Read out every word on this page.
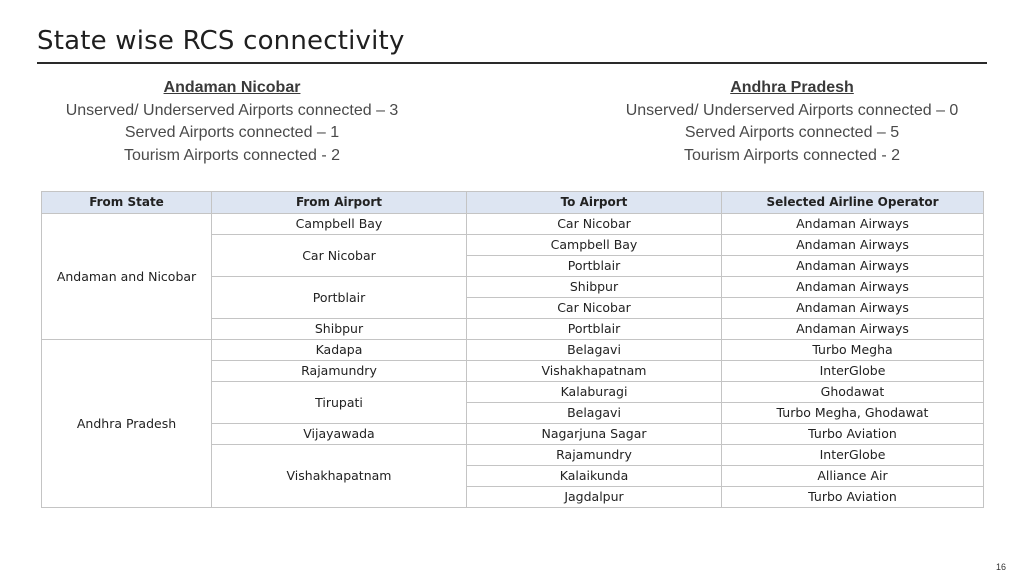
State wise RCS connectivity
Andaman Nicobar
Unserved/ Underserved Airports connected – 3
Served Airports connected – 1
Tourism Airports connected - 2
Andhra Pradesh
Unserved/ Underserved Airports connected – 0
Served Airports connected – 5
Tourism Airports connected - 2
From State	From Airport	To Airport	Selected Airline Operator
Andaman and Nicobar	Campbell Bay	Car Nicobar	Andaman Airways
	Car Nicobar	Campbell Bay	Andaman Airways
		Portblair	Andaman Airways
	Portblair	Shibpur	Andaman Airways
		Car Nicobar	Andaman Airways
	Shibpur	Portblair	Andaman Airways
Andhra Pradesh	Kadapa	Belagavi	Turbo Megha
	Rajamundry	Vishakhapatnam	InterGlobe
	Tirupati	Kalaburagi	Ghodawat
		Belagavi	Turbo Megha, Ghodawat
	Vijayawada	Nagarjuna Sagar	Turbo Aviation
	Vishakhapatnam	Rajamundry	InterGlobe
		Kalaikunda	Alliance Air
		Jagdalpur	Turbo Aviation
16
